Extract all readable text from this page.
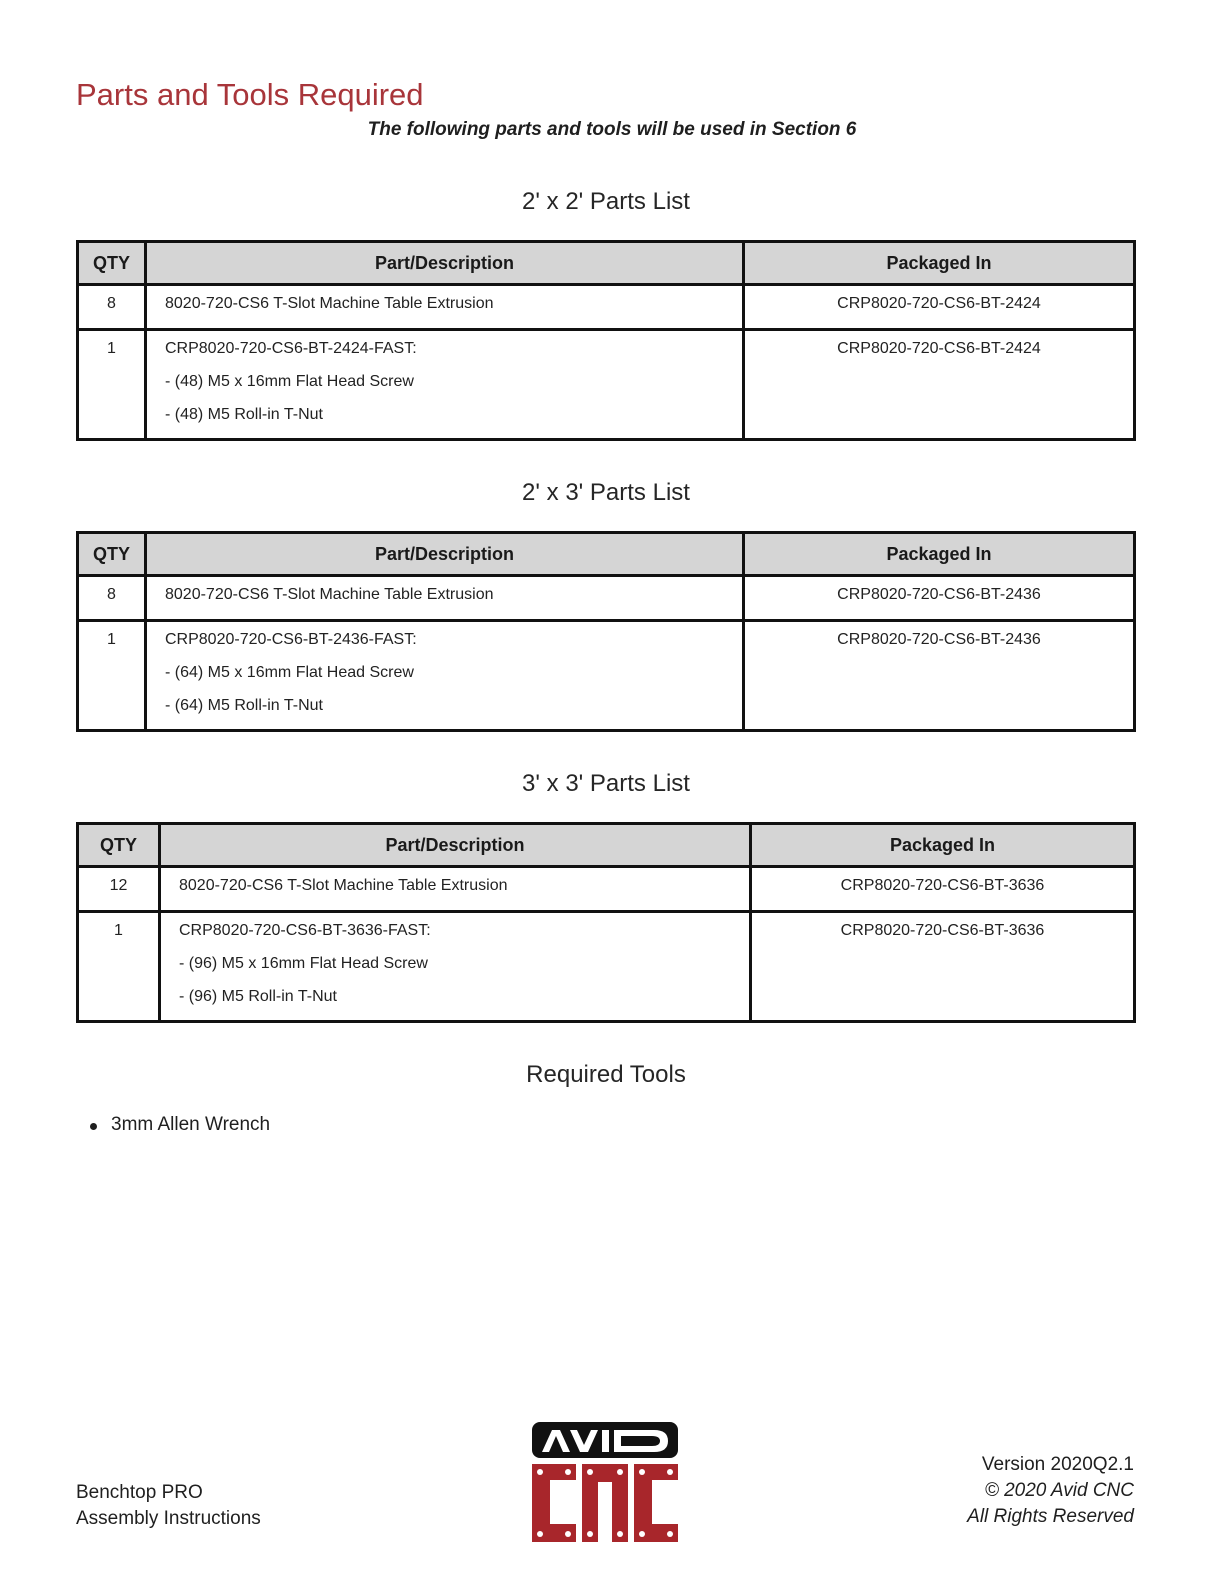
Parts and Tools Required
The following parts and tools will be used in Section 6
2' x 2' Parts List
QTY	Part/Description	Packaged In
8	8020-720-CS6 T-Slot Machine Table Extrusion	CRP8020-720-CS6-BT-2424
1	CRP8020-720-CS6-BT-2424-FAST:
- (48) M5 x 16mm Flat Head Screw
- (48) M5 Roll-in T-Nut	CRP8020-720-CS6-BT-2424
2' x 3' Parts List
QTY	Part/Description	Packaged In
8	8020-720-CS6 T-Slot Machine Table Extrusion	CRP8020-720-CS6-BT-2436
1	CRP8020-720-CS6-BT-2436-FAST:
- (64) M5 x 16mm Flat Head Screw
- (64) M5 Roll-in T-Nut	CRP8020-720-CS6-BT-2436
3' x 3' Parts List
QTY	Part/Description	Packaged In
12	8020-720-CS6 T-Slot Machine Table Extrusion	CRP8020-720-CS6-BT-3636
1	CRP8020-720-CS6-BT-3636-FAST:
- (96) M5 x 16mm Flat Head Screw
- (96) M5 Roll-in T-Nut	CRP8020-720-CS6-BT-3636
Required Tools
3mm Allen Wrench
Benchtop PRO
Assembly Instructions
Version 2020Q2.1
© 2020 Avid CNC
All Rights Reserved
